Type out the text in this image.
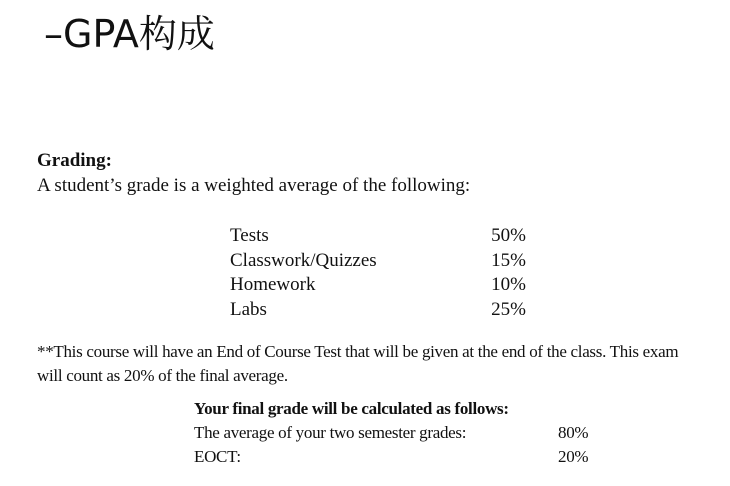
–GPA构成
Grading:
A student’s grade is a weighted average of the following:
Tests	50%
Classwork/Quizzes	15%
Homework	10%
Labs	25%
**This course will have an End of Course Test that will be given at the end of the class. This exam will count as 20% of the final average.
Your final grade will be calculated as follows:
The average of your two semester grades:	80%
EOCT:	20%
